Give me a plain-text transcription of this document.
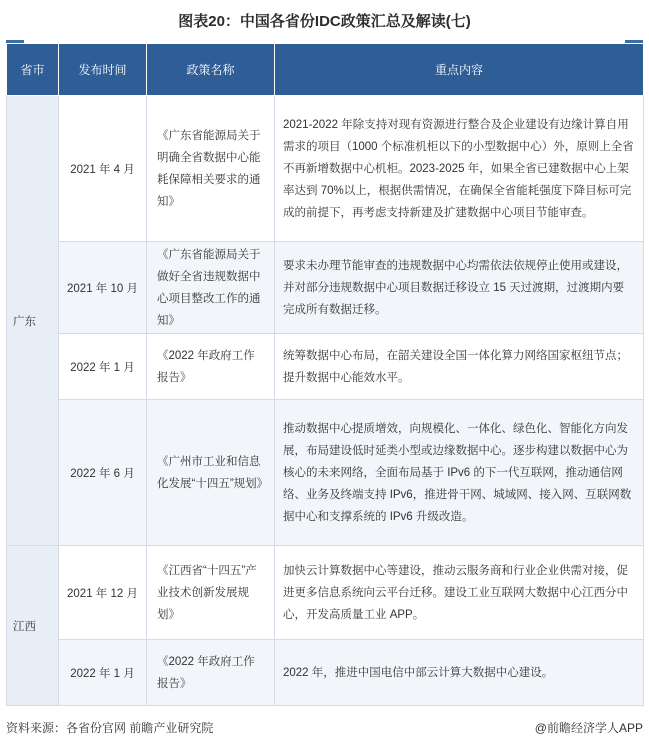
图表20：中国各省份IDC政策汇总及解读(七)
省市	发布时间	政策名称	重点内容
广东	2021 年 4 月	《广东省能源局关于明确全省数据中心能耗保障相关要求的通知》	2021-2022 年除支持对现有资源进行整合及企业建设有边缘计算自用需求的项目（1000 个标准机柜以下的小型数据中心）外，原则上全省不再新增数据中心机柜。2023-2025 年，如果全省已建数据中心上架率达到 70%以上，根据供需情况，在确保全省能耗强度下降目标可完成的前提下，再考虑支持新建及扩建数据中心项目节能审查。
	2021 年 10 月	《广东省能源局关于做好全省违规数据中心项目整改工作的通知》	要求未办理节能审查的违规数据中心均需依法依规停止使用或建设，并对部分违规数据中心项目数据迁移设立 15 天过渡期，过渡期内要完成所有数据迁移。
	2022 年 1 月	《2022 年政府工作报告》	统筹数据中心布局，在韶关建设全国一体化算力网络国家枢纽节点；提升数据中心能效水平。
	2022 年 6 月	《广州市工业和信息化发展“十四五”规划》	推动数据中心提质增效，向规模化、一体化、绿色化、智能化方向发展，布局建设低时延类小型或边缘数据中心。逐步构建以数据中心为核心的未来网络，全面布局基于 IPv6 的下一代互联网，推动通信网络、业务及终端支持 IPv6，推进骨干网、城域网、接入网、互联网数据中心和支撑系统的 IPv6 升级改造。
江西	2021 年 12 月	《江西省“十四五”产业技术创新发展规划》	加快云计算数据中心等建设，推动云服务商和行业企业供需对接，促进更多信息系统向云平台迁移。建设工业互联网大数据中心江西分中心，开发高质量工业 APP。
	2022 年 1 月	《2022 年政府工作报告》	2022 年，推进中国电信中部云计算大数据中心建设。
资料来源：各省份官网 前瞻产业研究院	@前瞻经济学人APP
